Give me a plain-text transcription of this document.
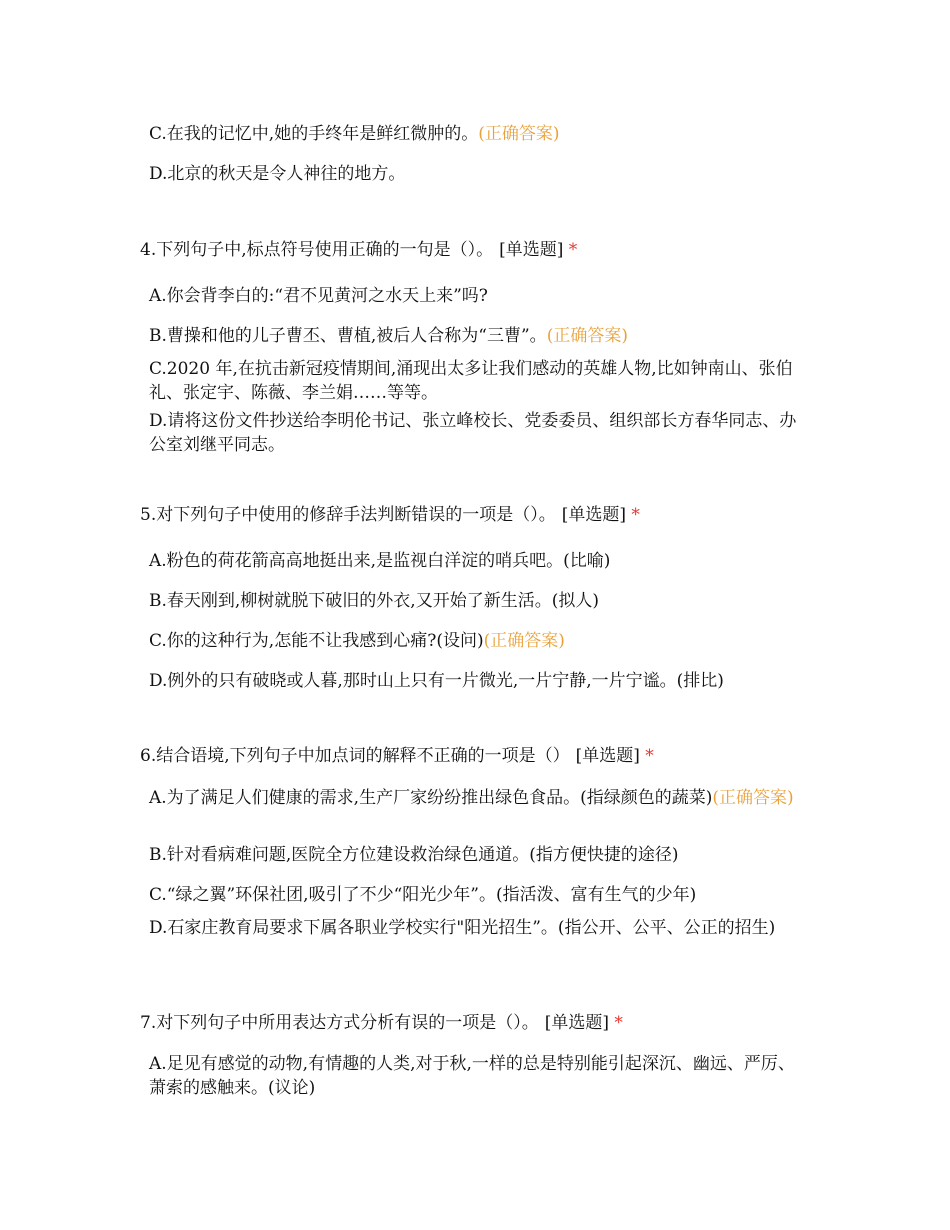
C.在我的记忆中,她的手终年是鲜红微肿的。(正确答案)
D.北京的秋天是令人神往的地方。
4.下列句子中,标点符号使用正确的一句是（）。 [单选题] *
A.你会背李白的:“君不见黄河之水天上来”吗?
B.曹操和他的儿子曹丕、曹植,被后人合称为“三曹”。(正确答案)
C.2020 年,在抗击新冠疫情期间,涌现出太多让我们感动的英雄人物,比如钟南山、张伯礼、张定宇、陈薇、李兰娟……等等。
D.请将这份文件抄送给李明伦书记、张立峰校长、党委委员、组织部长方春华同志、办公室刘继平同志。
5.对下列句子中使用的修辞手法判断错误的一项是（）。 [单选题] *
A.粉色的荷花箭高高地挺出来,是监视白洋淀的哨兵吧。(比喻)
B.春天刚到,柳树就脱下破旧的外衣,又开始了新生活。(拟人)
C.你的这种行为,怎能不让我感到心痛?(设问)(正确答案)
D.例外的只有破晓或人暮,那时山上只有一片微光,一片宁静,一片宁谧。(排比)
6.结合语境,下列句子中加点词的解释不正确的一项是（） [单选题] *
A.为了满足人们健康的需求,生产厂家纷纷推出绿色食品。(指绿颜色的蔬菜)(正确答案)
B.针对看病难问题,医院全方位建设救治绿色通道。(指方便快捷的途径)
C.“绿之翼”环保社团,吸引了不少“阳光少年”。(指活泼、富有生气的少年)
D.石家庄教育局要求下属各职业学校实行"阳光招生”。(指公开、公平、公正的招生)
7.对下列句子中所用表达方式分析有误的一项是（）。 [单选题] *
A.足见有感觉的动物,有情趣的人类,对于秋,一样的总是特别能引起深沉、幽远、严厉、萧索的感触来。(议论)
